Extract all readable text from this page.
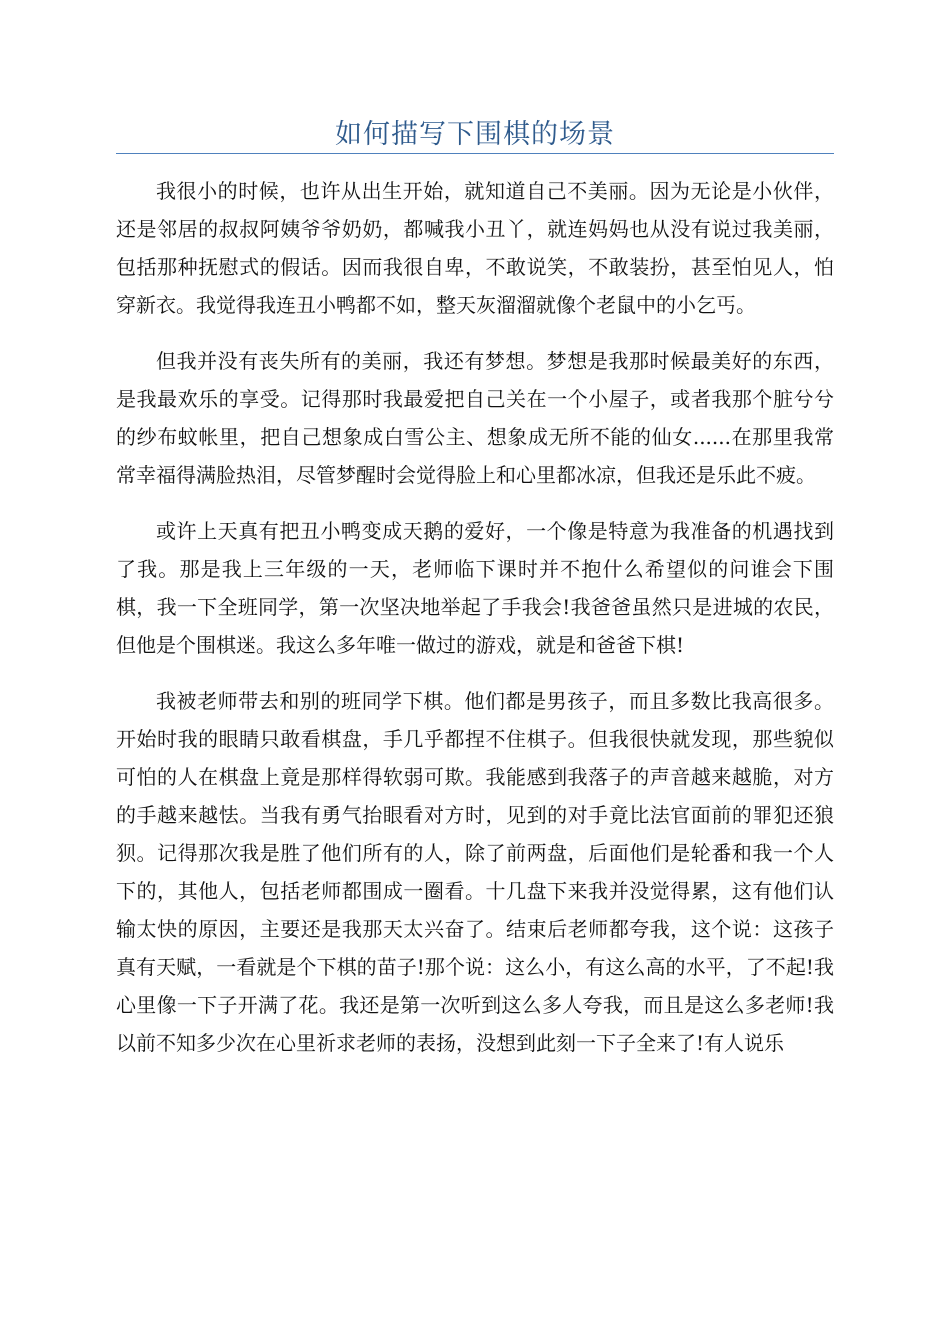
如何描写下围棋的场景

我很小的时候，也许从出生开始，就知道自己不美丽。因为无论是小伙伴，还是邻居的叔叔阿姨爷爷奶奶，都喊我小丑丫，就连妈妈也从没有说过我美丽，包括那种抚慰式的假话。因而我很自卑，不敢说笑，不敢装扮，甚至怕见人，怕穿新衣。我觉得我连丑小鸭都不如，整天灰溜溜就像个老鼠中的小乞丐。

但我并没有丧失所有的美丽，我还有梦想。梦想是我那时候最美好的东西，是我最欢乐的享受。记得那时我最爱把自己关在一个小屋子，或者我那个脏兮兮的纱布蚊帐里，把自己想象成白雪公主、想象成无所不能的仙女......在那里我常常幸福得满脸热泪，尽管梦醒时会觉得脸上和心里都冰凉，但我还是乐此不疲。

或许上天真有把丑小鸭变成天鹅的爱好，一个像是特意为我准备的机遇找到了我。那是我上三年级的一天，老师临下课时并不抱什么希望似的问谁会下围棋，我一下全班同学，第一次坚决地举起了手我会!我爸爸虽然只是进城的农民，但他是个围棋迷。我这么多年唯一做过的游戏，就是和爸爸下棋!

我被老师带去和别的班同学下棋。他们都是男孩子，而且多数比我高很多。开始时我的眼睛只敢看棋盘，手几乎都捏不住棋子。但我很快就发现，那些貌似可怕的人在棋盘上竟是那样得软弱可欺。我能感到我落子的声音越来越脆，对方的手越来越怯。当我有勇气抬眼看对方时，见到的对手竟比法官面前的罪犯还狼狈。记得那次我是胜了他们所有的人，除了前两盘，后面他们是轮番和我一个人下的，其他人，包括老师都围成一圈看。十几盘下来我并没觉得累，这有他们认输太快的原因，主要还是我那天太兴奋了。结束后老师都夸我，这个说：这孩子真有天赋，一看就是个下棋的苗子!那个说：这么小，有这么高的水平，了不起!我心里像一下子开满了花。我还是第一次听到这么多人夸我，而且是这么多老师!我以前不知多少次在心里祈求老师的表扬，没想到此刻一下子全来了!有人说乐
